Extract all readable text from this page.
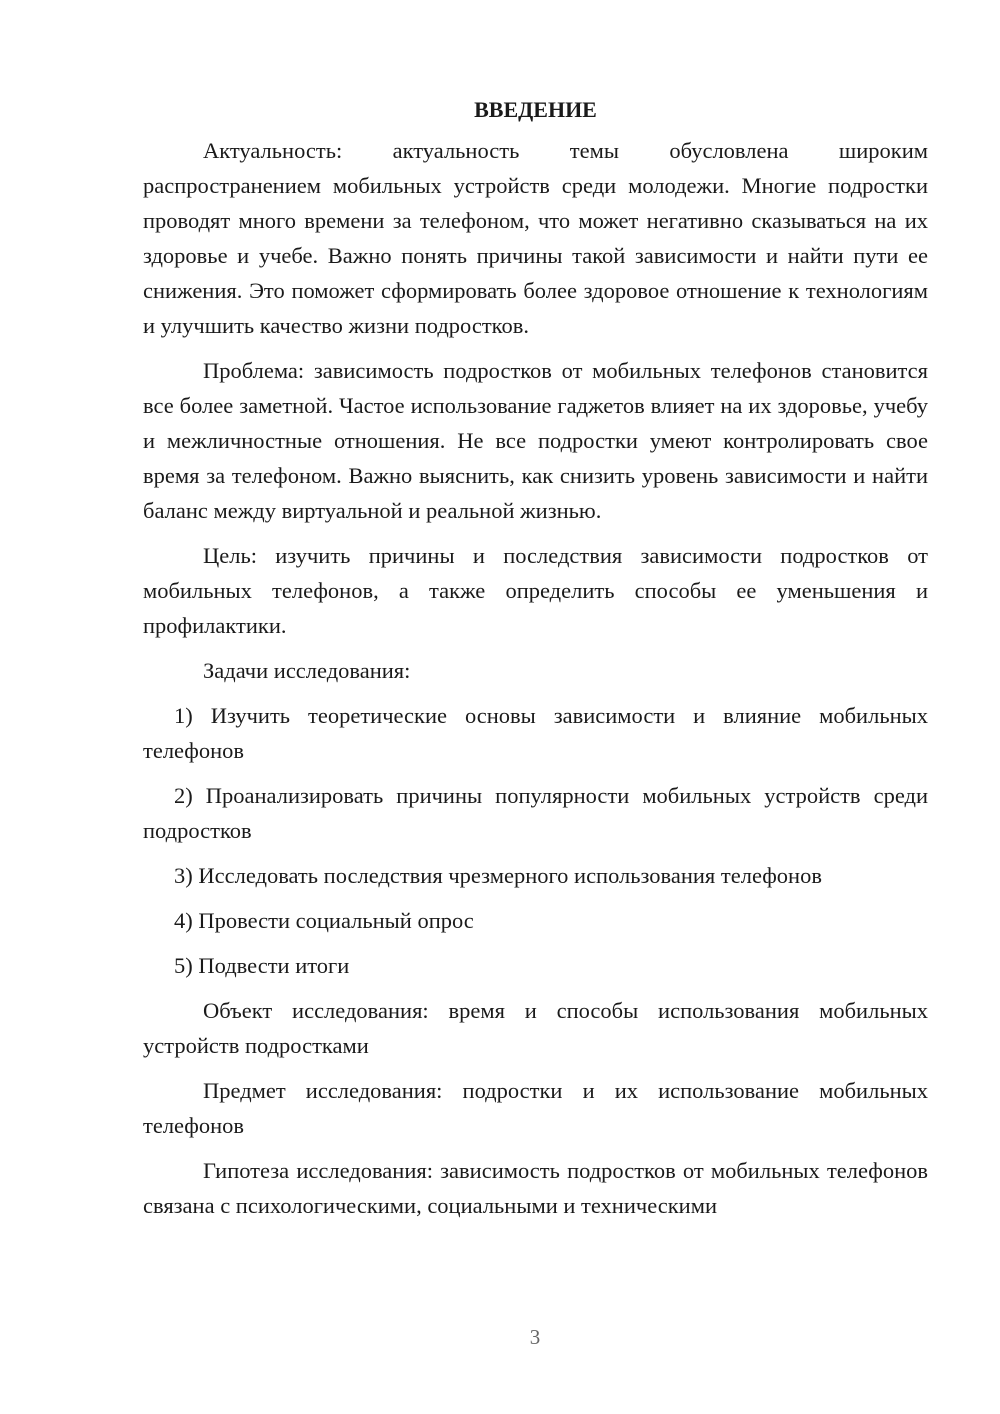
ВВЕДЕНИЕ

Актуальность: актуальность темы обусловлена широким распространением мобильных устройств среди молодежи. Многие подростки проводят много времени за телефоном, что может негативно сказываться на их здоровье и учебе. Важно понять причины такой зависимости и найти пути ее снижения. Это поможет сформировать более здоровое отношение к технологиям и улучшить качество жизни подростков.

Проблема: зависимость подростков от мобильных телефонов становится все более заметной. Частое использование гаджетов влияет на их здоровье, учебу и межличностные отношения. Не все подростки умеют контролировать свое время за телефоном. Важно выяснить, как снизить уровень зависимости и найти баланс между виртуальной и реальной жизнью.

Цель: изучить причины и последствия зависимости подростков от мобильных телефонов, а также определить способы ее уменьшения и профилактики.

Задачи исследования:

1) Изучить теоретические основы зависимости и влияние мобильных телефонов

2) Проанализировать причины популярности мобильных устройств среди подростков

3) Исследовать последствия чрезмерного использования телефонов

4) Провести социальный опрос

5) Подвести итоги

Объект исследования: время и способы использования мобильных устройств подростками

Предмет исследования: подростки и их использование мобильных телефонов

Гипотеза исследования: зависимость подростков от мобильных телефонов связана с психологическими, социальными и техническими

3
